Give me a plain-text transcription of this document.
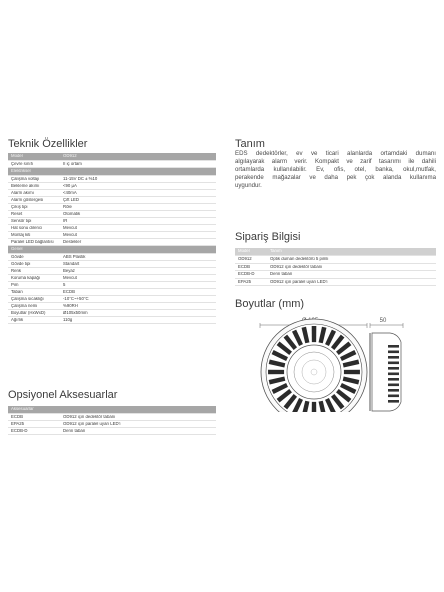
Teknik Özellikler
Model	OD912
Çevre sınıfı	II iç ortam
Elektriksel
Çalışma voltajı	11-15V DC ± %10
Bekleme akımı	<90 µA
Alarm akımı	<40mA
Alarm göstergesi	Çift LED
Çıkış tipi	Röle
Reset	Otomatik
Sensör tipi	IR
Hat sonu direnci	Mevcut
Montaj kiti	Mevcut
Paralel LED bağlantısı	Destekler
Genel
Gövde	ABS Plastik
Gövde tipi	Standart
Renk	Beyaz
Koruma kapağı	Mevcut
Pim	5
Taban	ECDB
Çalışma sıcaklığı	-10°C~+50°C
Çalışma nemi	%90RH
Boyutlar (HxWxD)	Ø105x50mm
Ağırlık	110g
Opsiyonel Aksesuarlar
Aksesuarlar
ECDB	OD912 için dedektör tabanı
EPA25	OD912 için paralel uyarı LED'i
ECDB-D	Derin taban
Tanım
EDS dedektörler, ev ve ticari alanlarda ortamdaki dumanı
algılayarak alarm verir. Kompakt ve zarif tasarımı ile dahili
ortamlarda kullanılabilir. Ev, ofis, otel, banka, okul,mutfak,
perakende mağazalar ve daha pek çok alanda kullanıma
uygundur.
Sipariş Bilgisi
Model	Tanım
OD912	Optik duman dedektörü 5 pimli
ECDB	OD912 için dedektör tabanı
ECDB-D	Derin taban
EPA25	OD912 için paralel uyarı LED'i
Boyutlar (mm)
50
